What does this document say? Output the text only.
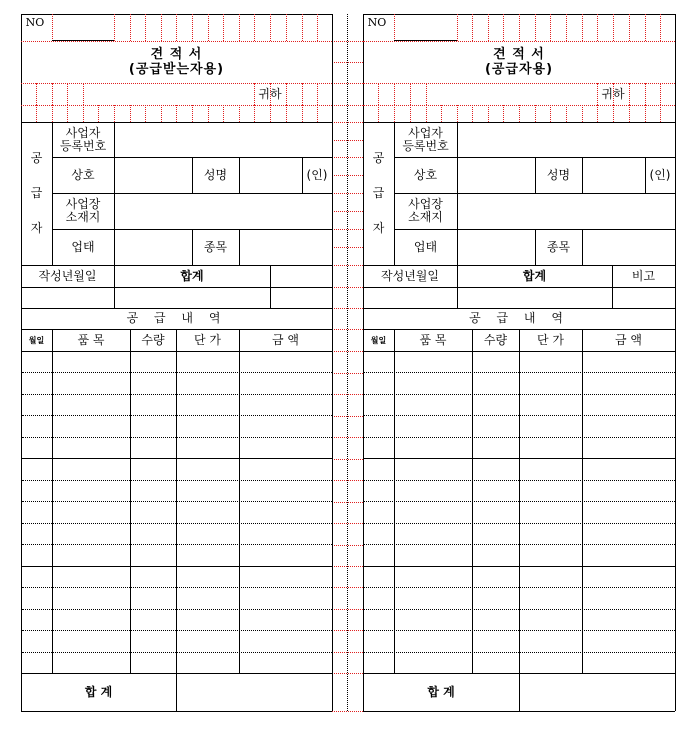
NO
견 적 서
(공급받는자용)
귀하
공
급
자
사업자
등록번호
상호	성명	(인)
사업장
소재지
업태	종목
작성년월일	합계
공 급 내 역
월일	품 목	수량	단 가	금 액
합 계
NO
견 적 서
(공급자용)
귀하
공
급
자
사업자
등록번호
상호	성명	(인)
사업장
소재지
업태	종목
작성년월일	합계	비고
공 급 내 역
월일	품 목	수량	단 가	금 액
합 계
